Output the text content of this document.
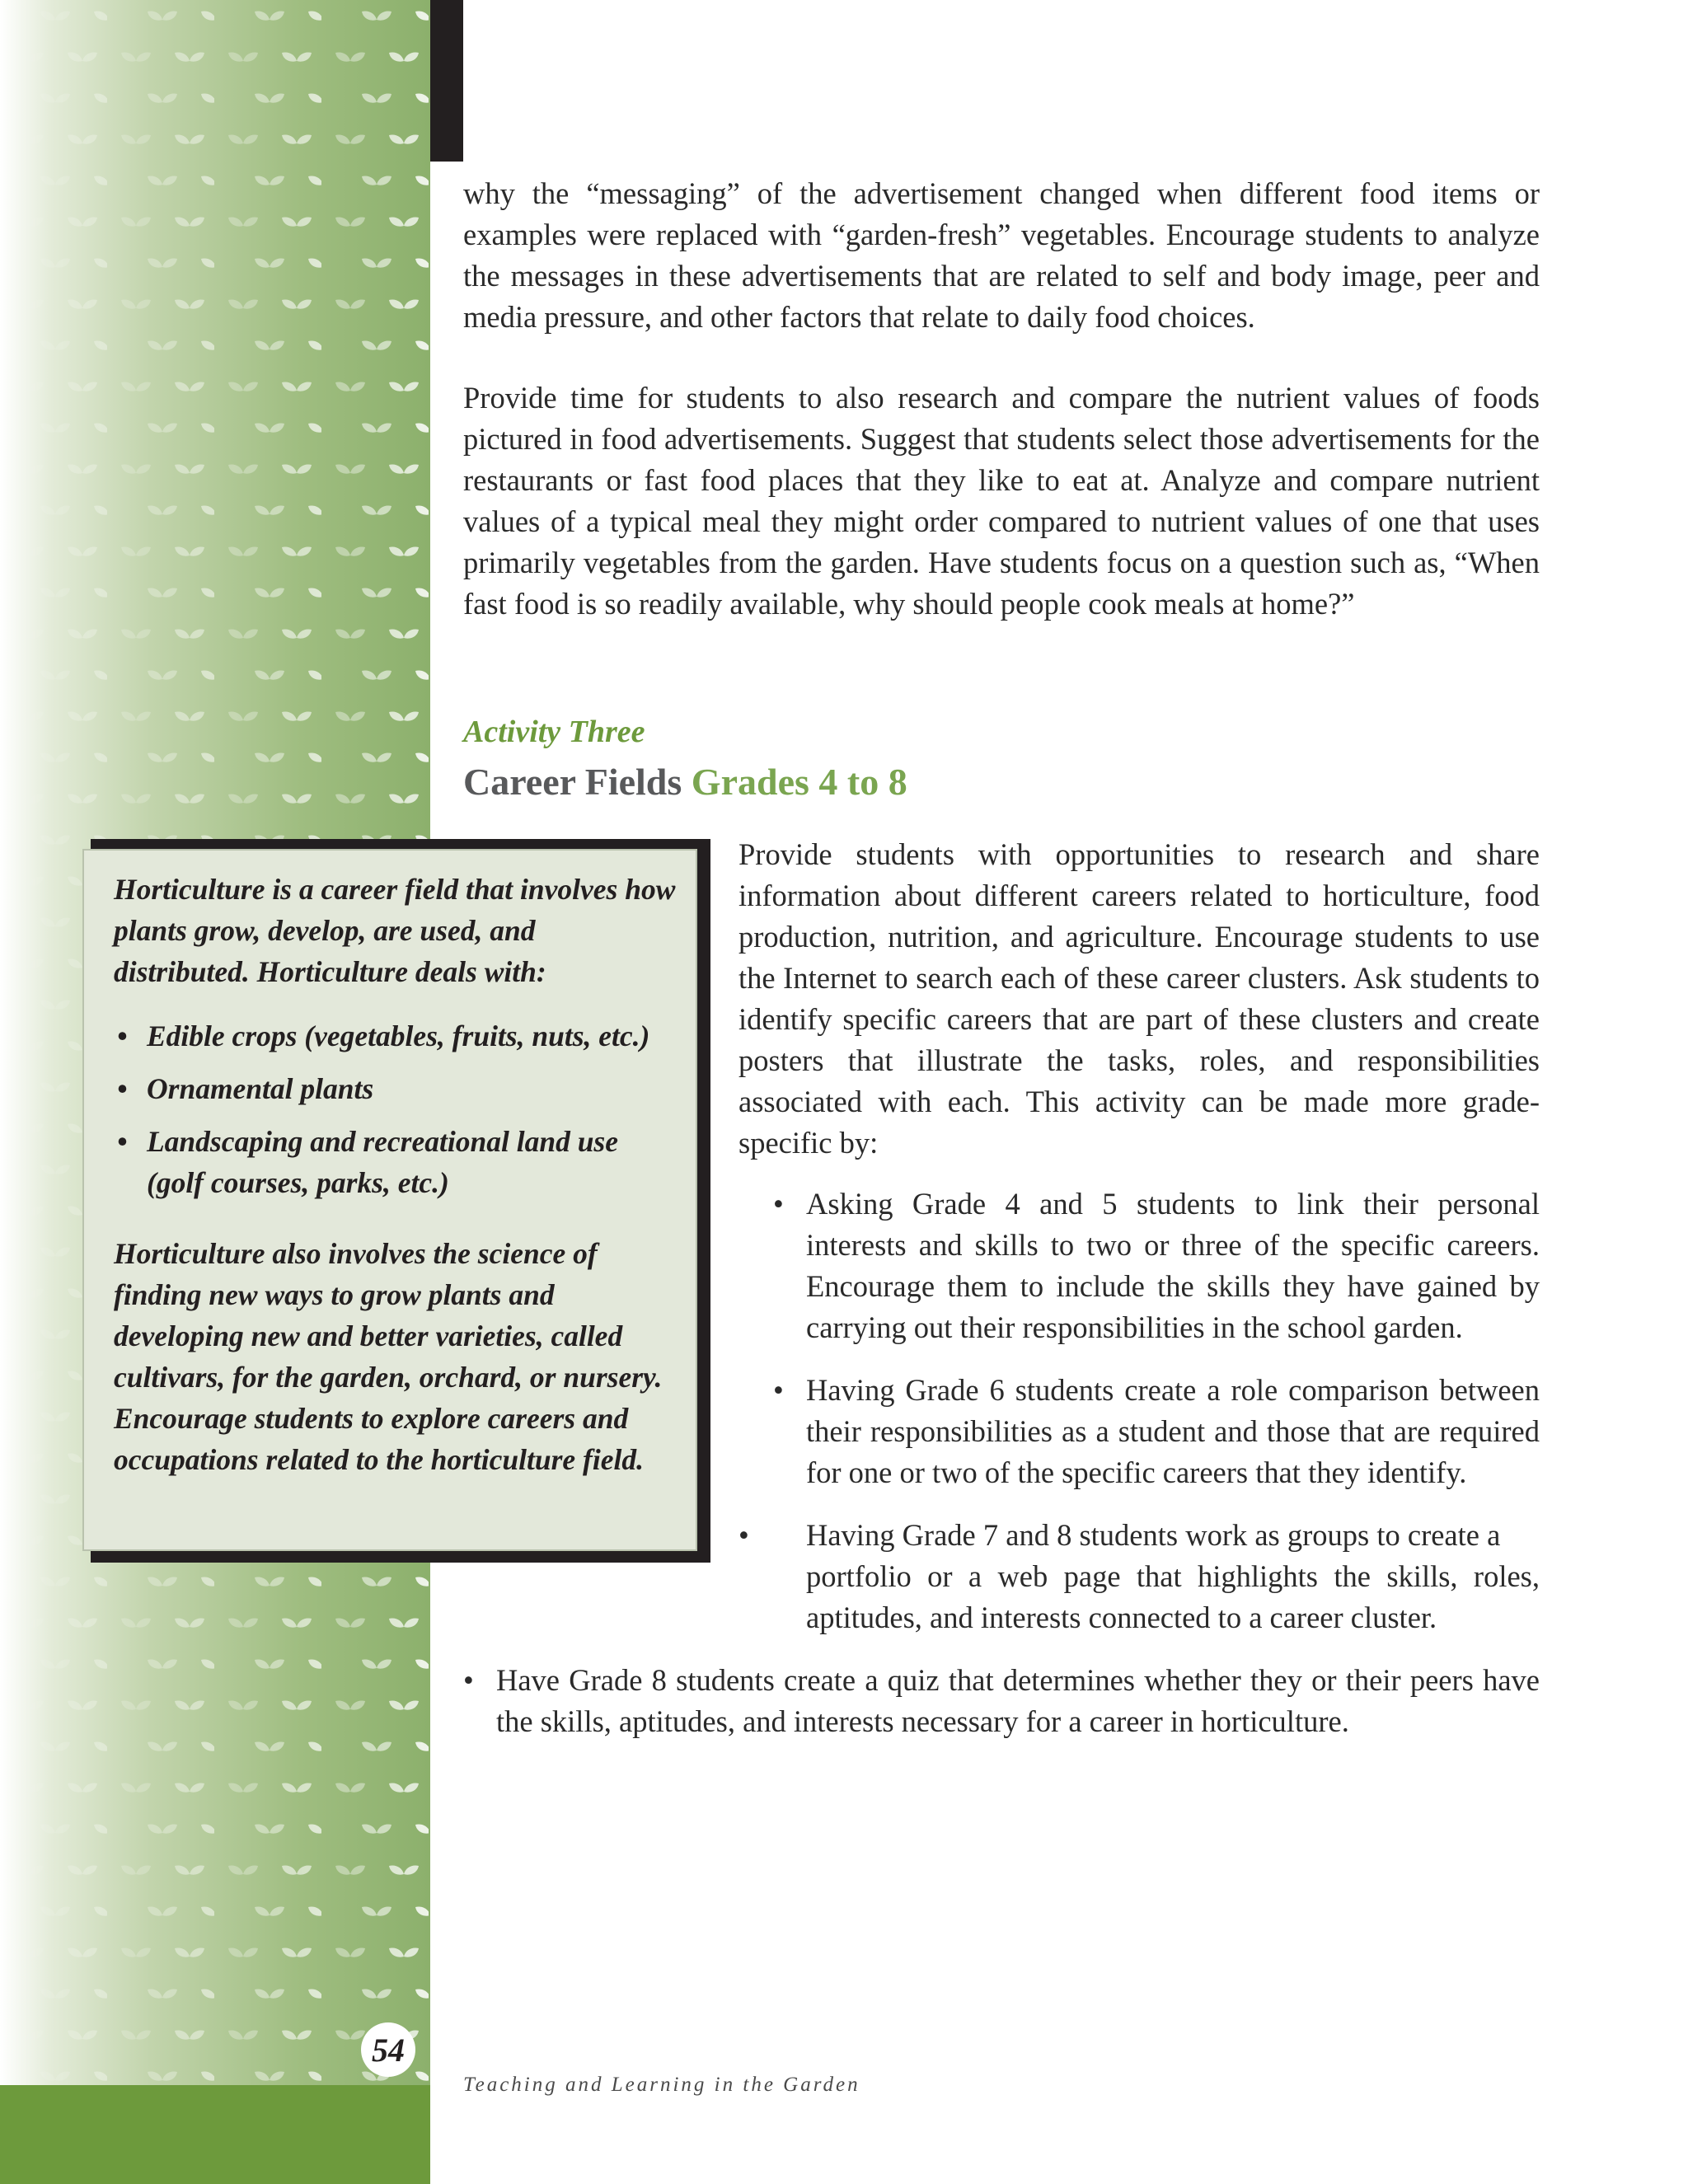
why the “messaging” of the advertisement changed when different food items or examples were replaced with “garden-fresh” vegetables. Encourage students to analyze the messages in these advertisements that are related to self and body image, peer and media pressure, and other factors that relate to daily food choices.

Provide time for students to also research and compare the nutrient values of foods pictured in food advertisements. Suggest that students select those advertisements for the restaurants or fast food places that they like to eat at. Analyze and compare nutrient values of a typical meal they might order compared to nutrient values of one that uses primarily vegetables from the garden. Have students focus on a question such as, “When fast food is so readily available, why should people cook meals at home?”

Activity Three

Career Fields Grades 4 to 8

Horticulture is a career field that involves how plants grow, develop, are used, and distributed. Horticulture deals with:

• Edible crops (vegetables, fruits, nuts, etc.)
• Ornamental plants
• Landscaping and recreational land use (golf courses, parks, etc.)

Horticulture also involves the science of finding new ways to grow plants and developing new and better varieties, called cultivars, for the garden, orchard, or nursery. Encourage students to explore careers and occupations related to the horticulture field.

Provide students with opportunities to research and share information about different careers related to horticulture, food production, nutrition, and agriculture. Encourage students to use the Internet to search each of these career clusters. Ask students to identify specific careers that are part of these clusters and create posters that illustrate the tasks, roles, and responsibilities associated with each. This activity can be made more grade-specific by:

• Asking Grade 4 and 5 students to link their personal interests and skills to two or three of the specific careers. Encourage them to include the skills they have gained by carrying out their responsibilities in the school garden.
• Having Grade 6 students create a role comparison between their responsibilities as a student and those that are required for one or two of the specific careers that they identify.
•	Having Grade 7 and 8 students work as groups to create a
portfolio or a web page that highlights the skills, roles, aptitudes, and interests connected to a career cluster.
• Have Grade 8 students create a quiz that determines whether they or their peers have the skills, aptitudes, and interests necessary for a career in horticulture.
54

Teaching and Learning in the Garden
